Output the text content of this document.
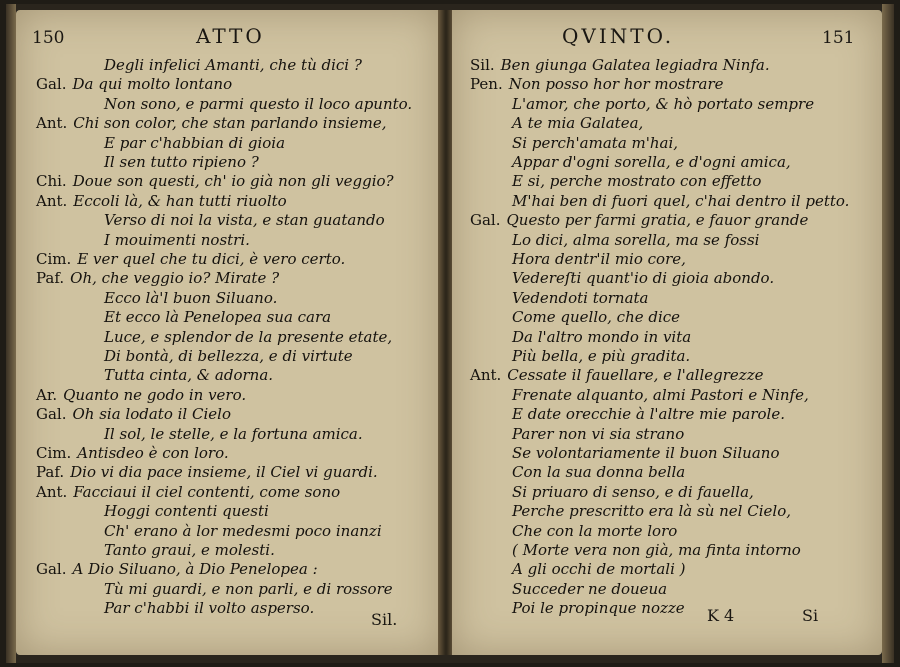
150	ATTO
Degli infelici Amanti, che tù dici ?
Gal. Da qui molto lontano
Non sono, e parmi questo il loco apunto.
Ant. Chi son color, che stan parlando insieme,
E par c'habbian di gioia
Il sen tutto ripieno ?
Chi. Doue son questi, ch' io già non gli veggio?
Ant. Eccoli là, & han tutti riuolto
Verso di noi la vista, e stan guatando
I mouimenti nostri.
Cim. E ver quel che tu dici, è vero certo.
Paf. Oh, che veggio io? Mirate ?
Ecco là'l buon Siluano.
Et ecco là Penelopea sua cara
Luce, e splendor de la presente etate,
Di bontà, di bellezza, e di virtute
Tutta cinta, & adorna.
Ar. Quanto ne godo in vero.
Gal. Oh sia lodato il Cielo
Il sol, le stelle, e la fortuna amica.
Cim. Antisdeo è con loro.
Paf. Dio vi dia pace insieme, il Ciel vi guardi.
Ant. Facciaui il ciel contenti, come sono
Hoggi contenti questi
Ch' erano à lor medesmi poco inanzi
Tanto graui, e molesti.
Gal. A Dio Siluano, à Dio Penelopea :
Tù mi guardi, e non parli, e di rossore
Par c'habbi il volto asperso.
Sil.
QVINTO.	151
Sil. Ben giunga Galatea legiadra Ninfa.
Pen. Non posso hor hor mostrare
L'amor, che porto, & hò portato sempre
A te mia Galatea,
Si perch'amata m'hai,
Appar d'ogni sorella, e d'ogni amica,
E si, perche mostrato con effetto
M'hai ben di fuori quel, c'hai dentro il petto.
Gal. Questo per farmi gratia, e fauor grande
Lo dici, alma sorella, ma se fossi
Hora dentr'il mio core,
Vedereſti quant'io di gioia abondo.
Vedendoti tornata
Come quello, che dice
Da l'altro mondo in vita
Più bella, e più gradita.
Ant. Cessate il fauellare, e l'allegrezze
Frenate alquanto, almi Pastori e Ninfe,
E date orecchie à l'altre mie parole.
Parer non vi sia strano
Se volontariamente il buon Siluano
Con la sua donna bella
Si priuaro di senso, e di fauella,
Perche prescritto era là sù nel Cielo,
Che con la morte loro
( Morte vera non già, ma finta intorno
A gli occhi de mortali )
Succeder ne doueua
Poi le propinque nozze K 4	Si
